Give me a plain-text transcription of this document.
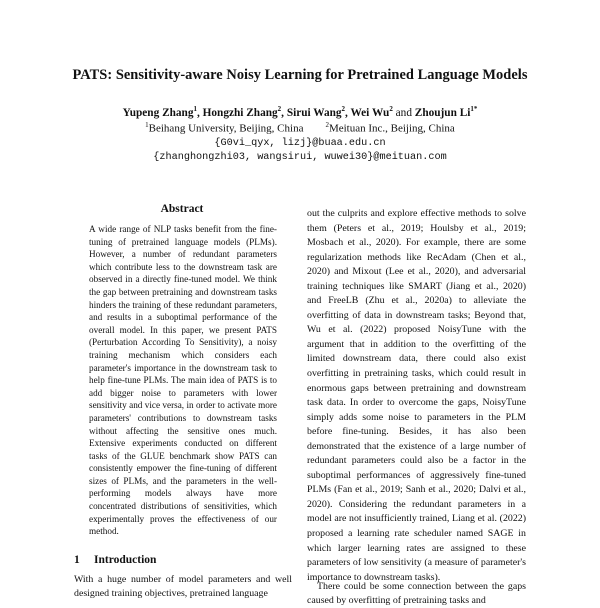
PATS: Sensitivity-aware Noisy Learning for Pretrained Language Models
Yupeng Zhang$^1$, Hongzhi Zhang$^2$, Sirui Wang$^2$, Wei Wu$^2$ and Zhoujun $Li^{1*}$
$^1$Beihang University, Beijing, China	$^2$Meituan Inc., Beijing, China
{G0vi_qyx, lizj}@buaa.edu.cn
{zhanghongzhi03, wangsirui, wuwei30}@meituan.com
Abstract
A wide range of NLP tasks benefit from the fine-tuning of pretrained language models (PLMs). However, a number of redundant parameters which contribute less to the downstream task are observed in a directly fine-tuned model. We think the gap between pretraining and downstream tasks hinders the training of these redundant parameters, and results in a suboptimal performance of the overall model. In this paper, we present PATS (Perturbation According To Sensitivity), a noisy training mechanism which considers each parameter's importance in the downstream task to help fine-tune PLMs. The main idea of PATS is to add bigger noise to parameters with lower sensitivity and vice versa, in order to activate more parameters' contributions to downstream tasks without affecting the sensitive ones much. Extensive experiments conducted on different tasks of the GLUE benchmark show PATS can consistently empower the fine-tuning of different sizes of PLMs, and the parameters in the well-performing models always have more concentrated distributions of sensitivities, which experimentally proves the effectiveness of our method.
1 Introduction
With a huge number of model parameters and well designed training objectives, pretrained language
out the culprits and explore effective methods to solve them (Peters et al., 2019; Houlsby et al., 2019; Mosbach et al., 2020). For example, there are some regularization methods like RecAdam (Chen et al., 2020) and Mixout (Lee et al., 2020), and adversarial training techniques like SMART (Jiang et al., 2020) and FreeLB (Zhu et al., 2020a) to alleviate the overfitting of data in downstream tasks; Beyond that, Wu et al. (2022) proposed NoisyTune with the argument that in addition to the overfitting of the limited downstream data, there could also exist overfitting in pretraining tasks, which could result in enormous gaps between pretraining and downstream task data. In order to overcome the gaps, NoisyTune simply adds some noise to parameters in the PLM before fine-tuning. Besides, it has also been demonstrated that the existence of a large number of redundant parameters could also be a factor in the suboptimal performances of aggressively fine-tuned PLMs (Fan et al., 2019; Sanh et al., 2020; Dalvi et al., 2020). Considering the redundant parameters in a model are not insufficiently trained, Liang et al. (2022) proposed a learning rate scheduler named SAGE in which larger learning rates are assigned to these parameters of low sensitivity (a measure of parameter's importance to downstream tasks).
There could be some connection between the gaps caused by overfitting of pretraining tasks and
